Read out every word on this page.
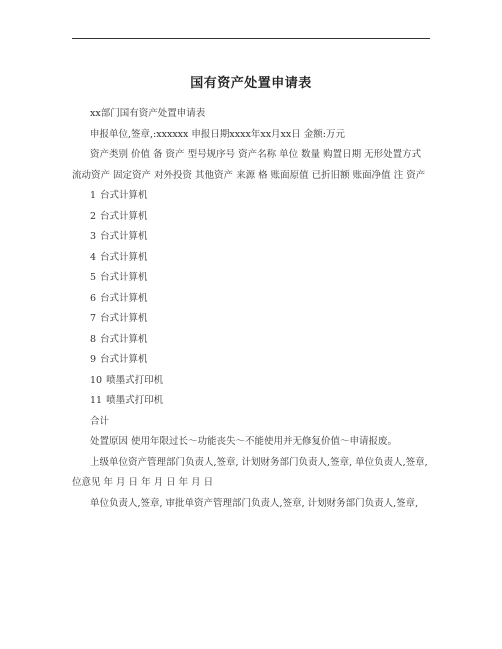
国有资产处置申请表

xx部门国有资产处置申请表

申报单位,签章,:xxxxxx 申报日期xxxx年xx月xx日 金额:万元

资产类别 价值 备 资产 型号规序号 资产名称 单位 数量 购置日期 无形处置方式 流动资产 固定资产 对外投资 其他资产 来源 格 账面原值 已折旧额 账面净值 注 资产

1 台式计算机
2 台式计算机
3 台式计算机
4 台式计算机
5 台式计算机
6 台式计算机
7 台式计算机
8 台式计算机
9 台式计算机
10 喷墨式打印机
11 喷墨式打印机

合计

处置原因 使用年限过长～功能丧失～不能使用并无修复价值～申请报废。

上级单位资产管理部门负责人,签章, 计划财务部门负责人,签章, 单位负责人,签章, 位意见 年 月 日 年 月 日 年 月 日

单位负责人,签章, 审批单资产管理部门负责人,签章, 计划财务部门负责人,签章,
